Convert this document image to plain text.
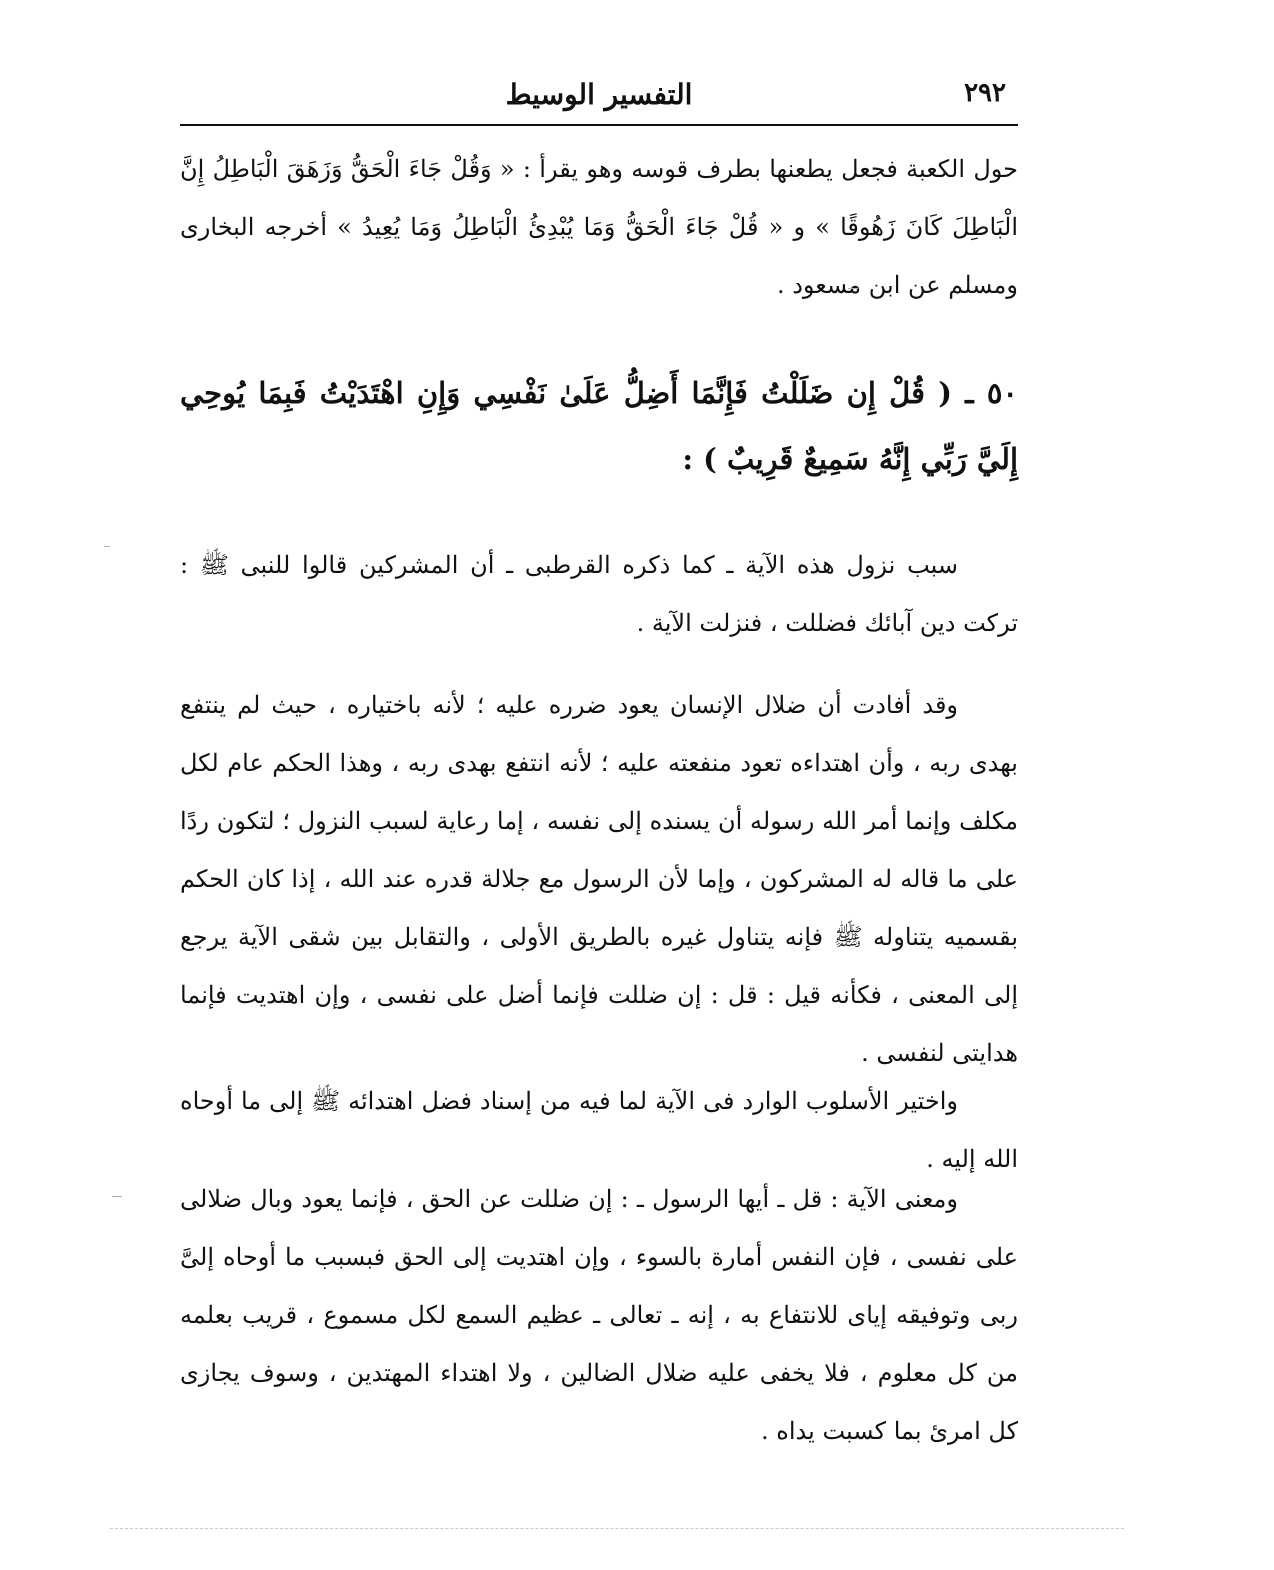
٢٩٢
التفسير الوسيط

حول الكعبة فجعل يطعنها بطرف قوسه وهو يقرأ : « وَقُلْ جَاءَ الْحَقُّ وَزَهَقَ الْبَاطِلُ إِنَّ الْبَاطِلَ كَانَ زَهُوقًا » و « قُلْ جَاءَ الْحَقُّ وَمَا يُبْدِئُ الْبَاطِلُ وَمَا يُعِيدُ » أخرجه البخارى ومسلم عن ابن مسعود .

٥٠ ـ ( قُلْ إِن ضَلَلْتُ فَإِنَّمَا أَضِلُّ عَلَىٰ نَفْسِي وَإِنِ اهْتَدَيْتُ فَبِمَا يُوحِي إِلَيَّ رَبِّي إِنَّهُ سَمِيعٌ قَرِيبٌ ) :

سبب نزول هذه الآية ـ كما ذكره القرطبى ـ أن المشركين قالوا للنبى ﷺ : تركت دين آبائك فضللت ، فنزلت الآية .

وقد أفادت أن ضلال الإنسان يعود ضرره عليه ؛ لأنه باختياره ، حيث لم ينتفع بهدى ربه ، وأن اهتداءه تعود منفعته عليه ؛ لأنه انتفع بهدى ربه ، وهذا الحكم عام لكل مكلف وإنما أمر الله رسوله أن يسنده إلى نفسه ، إما رعاية لسبب النزول ؛ لتكون ردًا على ما قاله له المشركون ، وإما لأن الرسول مع جلالة قدره عند الله ، إذا كان الحكم بقسميه يتناوله ﷺ فإنه يتناول غيره بالطريق الأولى ، والتقابل بين شقى الآية يرجع إلى المعنى ، فكأنه قيل : قل : إن ضللت فإنما أضل على نفسى ، وإن اهتديت فإنما هدايتى لنفسى .

واختير الأسلوب الوارد فى الآية لما فيه من إسناد فضل اهتدائه ﷺ إلى ما أوحاه الله إليه .

ومعنى الآية : قل ـ أيها الرسول ـ : إن ضللت عن الحق ، فإنما يعود وبال ضلالى على نفسى ، فإن النفس أمارة بالسوء ، وإن اهتديت إلى الحق فبسبب ما أوحاه إلىَّ ربى وتوفيقه إياى للانتفاع به ، إنه ـ تعالى ـ عظيم السمع لكل مسموع ، قريب بعلمه من كل معلوم ، فلا يخفى عليه ضلال الضالين ، ولا اهتداء المهتدين ، وسوف يجازى كل امرئ بما كسبت يداه .
